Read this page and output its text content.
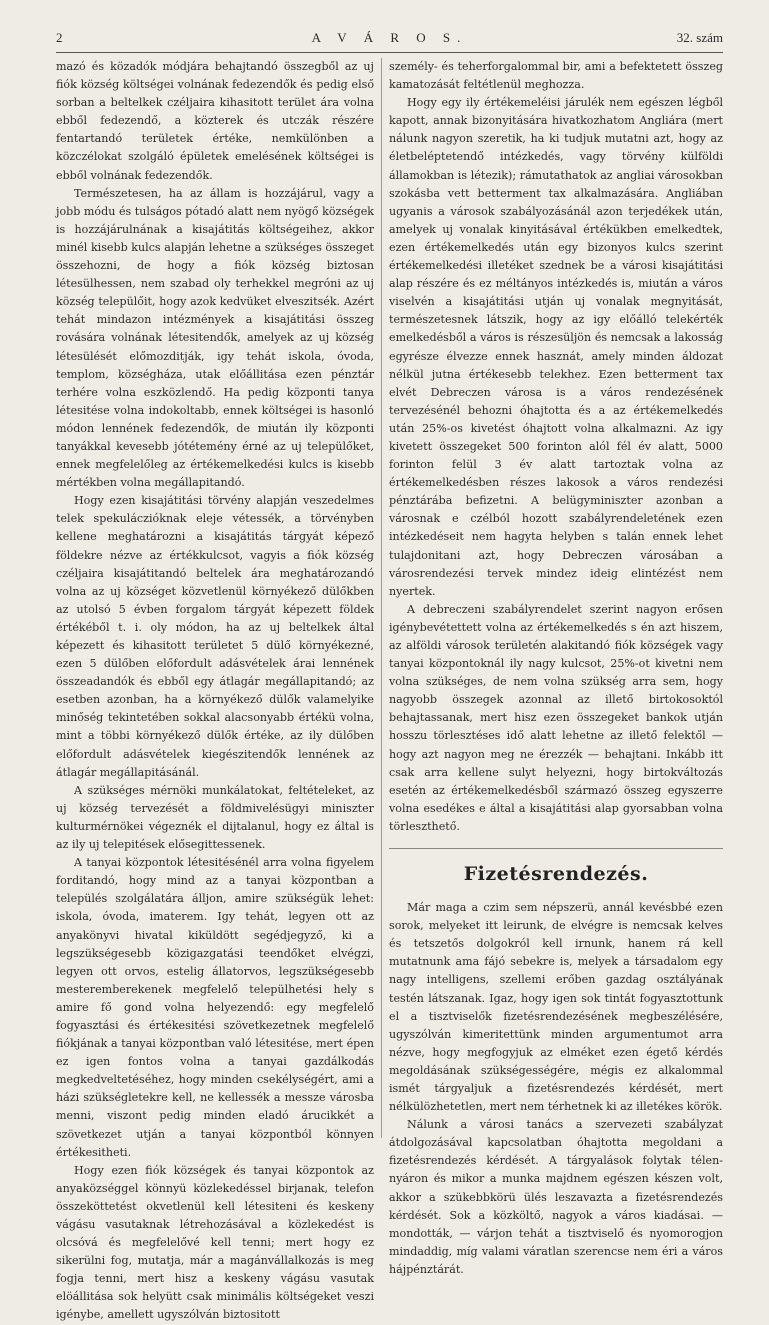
2	A V Á R O S.	32. szám

mazó és közadók módjára behajtandó összegből az uj fiók község költségei volnának fedezendők és pedig első sorban a beltelkek czéljaira kihasitott terület ára volna ebből fedezendő, a közterek és utczák részére fentartandó területek értéke, nemkülönben a közczélokat szolgáló épületek emelésének költségei is ebből volnának fedezendők.

Természetesen, ha az állam is hozzájárul, vagy a jobb módu és tulságos pótadó alatt nem nyögő községek is hozzájárulnának a kisajátitás költségeihez, akkor minél kisebb kulcs alapján lehetne a szükséges összeget összehozni, de hogy a fiók község biztosan létesülhessen, nem szabad oly terhekkel megróni az uj község települőit, hogy azok kedvüket elveszitsék. Azért tehát mindazon intézmények a kisajátitási összeg rovására volnának létesitendők, amelyek az uj község létesülését előmozditják, igy tehát iskola, óvoda, templom, községháza, utak előállitása ezen pénztár terhére volna eszközlendő. Ha pedig központi tanya létesitése volna indokoltabb, ennek költségei is hasonló módon lennének fedezendők, de miután ily központi tanyákkal kevesebb jótétemény érné az uj települőket, ennek megfelelőleg az értékemelkedési kulcs is kisebb mértékben volna megállapitandó.

Hogy ezen kisajátitási törvény alapján veszedelmes telek spekuláczióknak eleje vétessék, a törvényben kellene meghatározni a kisajátitás tárgyát képező földekre nézve az értékkulcsot, vagyis a fiók község czéljaira kisajátitandó beltelek ára meghatározandó volna az uj községet közvetlenül környékező dülőkben az utolsó 5 évben forgalom tárgyát képezett földek értékéből t. i. oly módon, ha az uj beltelkek által képezett és kihasitott területet 5 dülő környékezné, ezen 5 dülőben előfordult adásvételek árai lennének összeadandók és ebből egy átlagár megállapitandó; az esetben azonban, ha a környékező dülők valamelyike minőség tekintetében sokkal alacsonyabb értékü volna, mint a többi környékező dülők értéke, az ily dülőben előfordult adásvételek kiegészitendők lennének az átlagár megállapitásánál.

A szükséges mérnöki munkálatokat, feltételeket, az uj község tervezését a földmivelésügyi miniszter kulturmérnökei végeznék el dijtalanul, hogy ez által is az ily uj telepitések elősegittessenek.

A tanyai központok létesitésénél arra volna figyelem forditandó, hogy mind az a tanyai központban a település szolgálatára álljon, amire szükségük lehet: iskola, óvoda, imaterem. Igy tehát, legyen ott az anyakönyvi hivatal kiküldött segédjegyző, ki a legszükségesebb közigazgatási teendőket elvégzi, legyen ott orvos, estelig állatorvos, legszükségesebb mesteremberekenek megfelelő települhetési hely s amire fő gond volna helyezendő: egy megfelelő fogyasztási és értékesitési szövetkezetnek megfelelő fiókjának a tanyai központban való létesitése, mert épen ez igen fontos volna a tanyai gazdálkodás megkedveltetéséhez, hogy minden csekélységért, ami a házi szükségletekre kell, ne kellessék a messze városba menni, viszont pedig minden eladó árucikkét a szövetkezet utján a tanyai központból könnyen értékesitheti.

Hogy ezen fiók községek és tanyai központok az anyaközséggel könnyü közlekedéssel birjanak, telefon összeköttetést okvetlenül kell létesiteni és keskeny vágásu vasutaknak létrehozásával a közlekedést is olcsóvá és megfelelővé kell tenni; mert hogy ez sikerülni fog, mutatja, már a magánvállalkozás is meg fogja tenni, mert hisz a keskeny vágásu vasutak elöállitása sok helyütt csak minimális költségeket veszi igénybe, amellett ugyszólván biztositott

személy- és teherforgalommal bir, ami a befektetett összeg kamatozását feltétlenül meghozza.

Hogy egy ily értékemeléisi járulék nem egészen légből kapott, annak bizonyitására hivatkozhatom Angliára (mert nálunk nagyon szeretik, ha ki tudjuk mutatni azt, hogy az életbeléptetendő intézkedés, vagy törvény külföldi államokban is létezik); rámutathatok az angliai városokban szokásba vett betterment tax alkalmazására. Angliában ugyanis a városok szabályozásánál azon terjedékek után, amelyek uj vonalak kinyitásával értékükben emelkedtek, ezen értékemelkedés után egy bizonyos kulcs szerint értékemelkedési illetéket szednek be a városi kisajátitási alap részére és ez méltányos intézkedés is, miután a város viselvén a kisajátitási utján uj vonalak megnyitását, természetesnek látszik, hogy az igy előálló telekérték emelkedésből a város is részesüljön és nemcsak a lakosság egyrésze élvezze ennek hasznát, amely minden áldozat nélkül jutna értékesebb telekhez. Ezen betterment tax elvét Debreczen városa is a város rendezésének tervezésénél behozni óhajtotta és a az értékemelkedés után 25%-os kivetést óhajtott volna alkalmazni. Az igy kivetett összegeket 500 forinton alól fél év alatt, 5000 forinton felül 3 év alatt tartoztak volna az értékemelkedésben részes lakosok a város rendezési pénztárába befizetni. A belügyminiszter azonban a városnak e czélból hozott szabályrendeletének ezen intézkedéseit nem hagyta helyben s talán ennek lehet tulajdonitani azt, hogy Debreczen városában a városrendezési tervek mindez ideig elintézést nem nyertek.

A debreczeni szabályrendelet szerint nagyon erősen igénybevétettett volna az értékemelkedés s én azt hiszem, az alföldi városok területén alakitandó fiók községek vagy tanyai központoknál ily nagy kulcsot, 25%-ot kivetni nem volna szükséges, de nem volna szükség arra sem, hogy nagyobb összegek azonnal az illető birtokosoktól behajtassanak, mert hisz ezen összegeket bankok utján hosszu törlesztéses idő alatt lehetne az illető felektől — hogy azt nagyon meg ne érezzék — behajtani. Inkább itt csak arra kellene sulyt helyezni, hogy birtokváltozás esetén az értékemelkedésből származó összeg egyszerre volna esedékes e által a kisajátitási alap gyorsabban volna törleszthető.

Fizetésrendezés.

Már maga a czim sem népszerü, annál kevésbbé ezen sorok, melyeket itt leirunk, de elvégre is nemcsak kelves és tetszetős dolgokról kell irnunk, hanem rá kell mutatnunk ama fájó sebekre is, melyek a társadalom egy nagy intelligens, szellemi erőben gazdag osztályának testén látszanak. Igaz, hogy igen sok tintát fogyasztottunk el a tisztviselők fizetésrendezésének megbeszélésére, ugyszólván kimeritettünk minden argumentumot arra nézve, hogy megfogyjuk az elméket ezen égető kérdés megoldásának szükségességére, mégis ez alkalommal ismét tárgyaljuk a fizetésrendezés kérdését, mert nélkülözhetetlen, mert nem térhetnek ki az illetékes körök.

Nálunk a városi tanács a szervezeti szabályzat átdolgozásával kapcsolatban óhajtotta megoldani a fizetésrendezés kérdését. A tárgyalások folytak télen-nyáron és mikor a munka majdnem egészen készen volt, akkor a szükebbkörü ülés leszavazta a fizetésrendezés kérdését. Sok a közköltő, nagyok a város kiadásai. — mondották, — várjon tehát a tisztviselő és nyomorogjon mindaddig, míg valami váratlan szerencse nem éri a város hájpénztárát.
